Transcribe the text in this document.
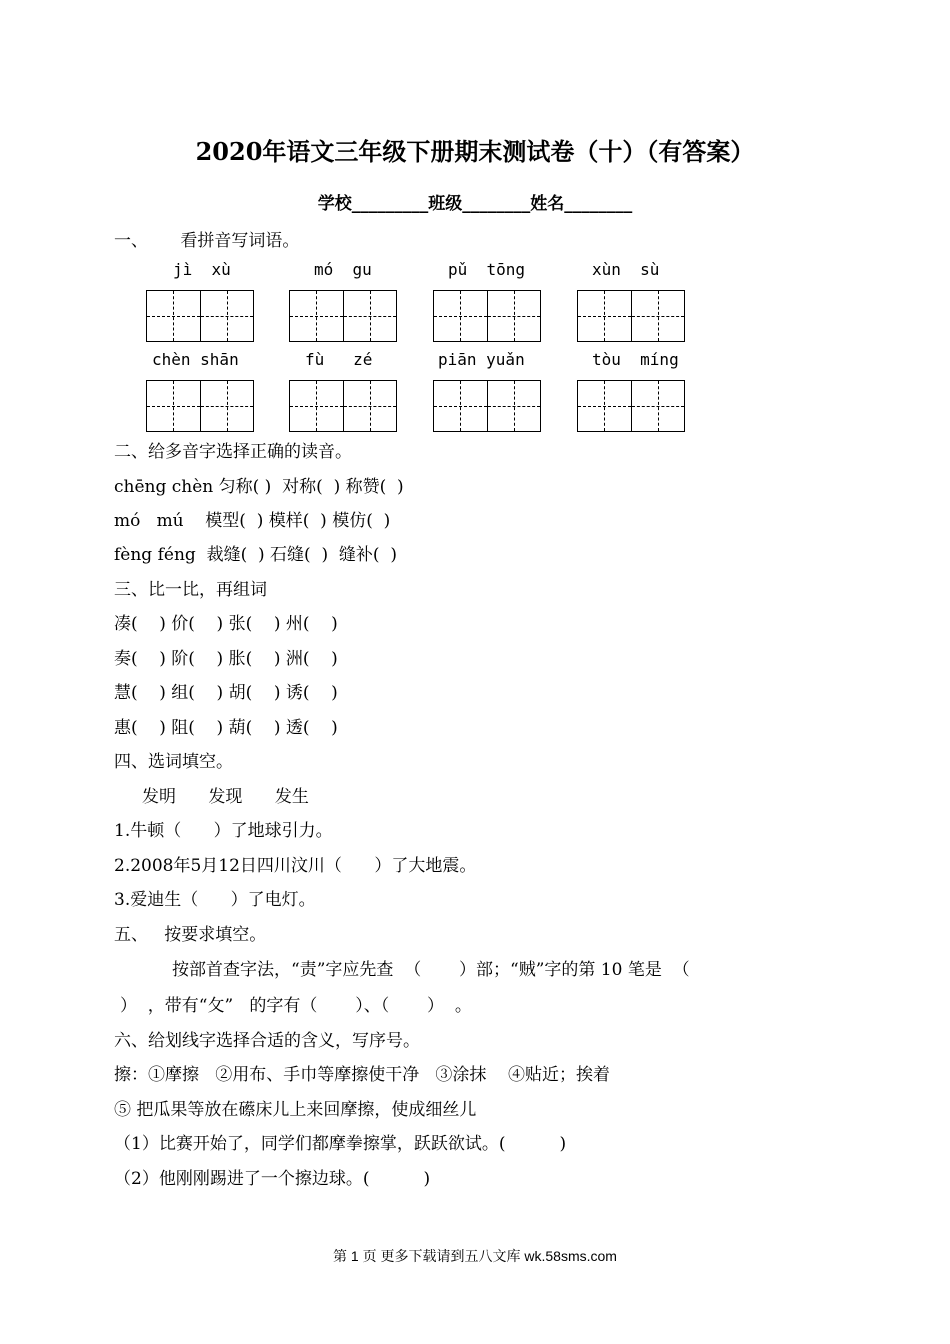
2020年语文三年级下册期末测试卷（十）（有答案）
学校_________班级________姓名________
一、      看拼音写词语。
jì  xù	mó  gu	pǔ  tōng	xùn  sù
chèn shān	fù   zé	piān yuǎn	tòu  míng
二、给多音字选择正确的读音。
chēng chèn 匀称( )  对称(  ) 称赞(  )
mó   mú    模型(  ) 模样(  ) 模仿(  )
fèng féng  裁缝(  ) 石缝(  )  缝补(  )
三、比一比，再组词
凑(    ) 价(    ) 张(    ) 州(    )
奏(    ) 阶(    ) 胀(    ) 洲(    )
慧(    ) 组(    ) 胡(    ) 诱(    )
惠(    ) 阻(    ) 葫(    ) 透(    )
四、选词填空。
发明      发现      发生
1.牛顿（      ）了地球引力。
2.2008年5月12日四川汶川（      ）了大地震。
3.爱迪生（      ）了电灯。
五、   按要求填空。
按部首查字法，“责”字应先查  （       ）部；“贼”字的第 10 笔是  （
）  ，带有“攵”   的字有（       ）、（       ）  。
六、给划线字选择合适的含义，写序号。
擦：①摩擦   ②用布、手巾等摩擦使干净   ③涂抹    ④贴近；挨着
⑤ 把瓜果等放在礤床儿上来回摩擦，使成细丝儿
（1）比赛开始了，同学们都摩拳擦掌，跃跃欲试。(          )
（2）他刚刚踢进了一个擦边球。(          )
第 1 页 更多下载请到五八文库 wk.58sms.com
